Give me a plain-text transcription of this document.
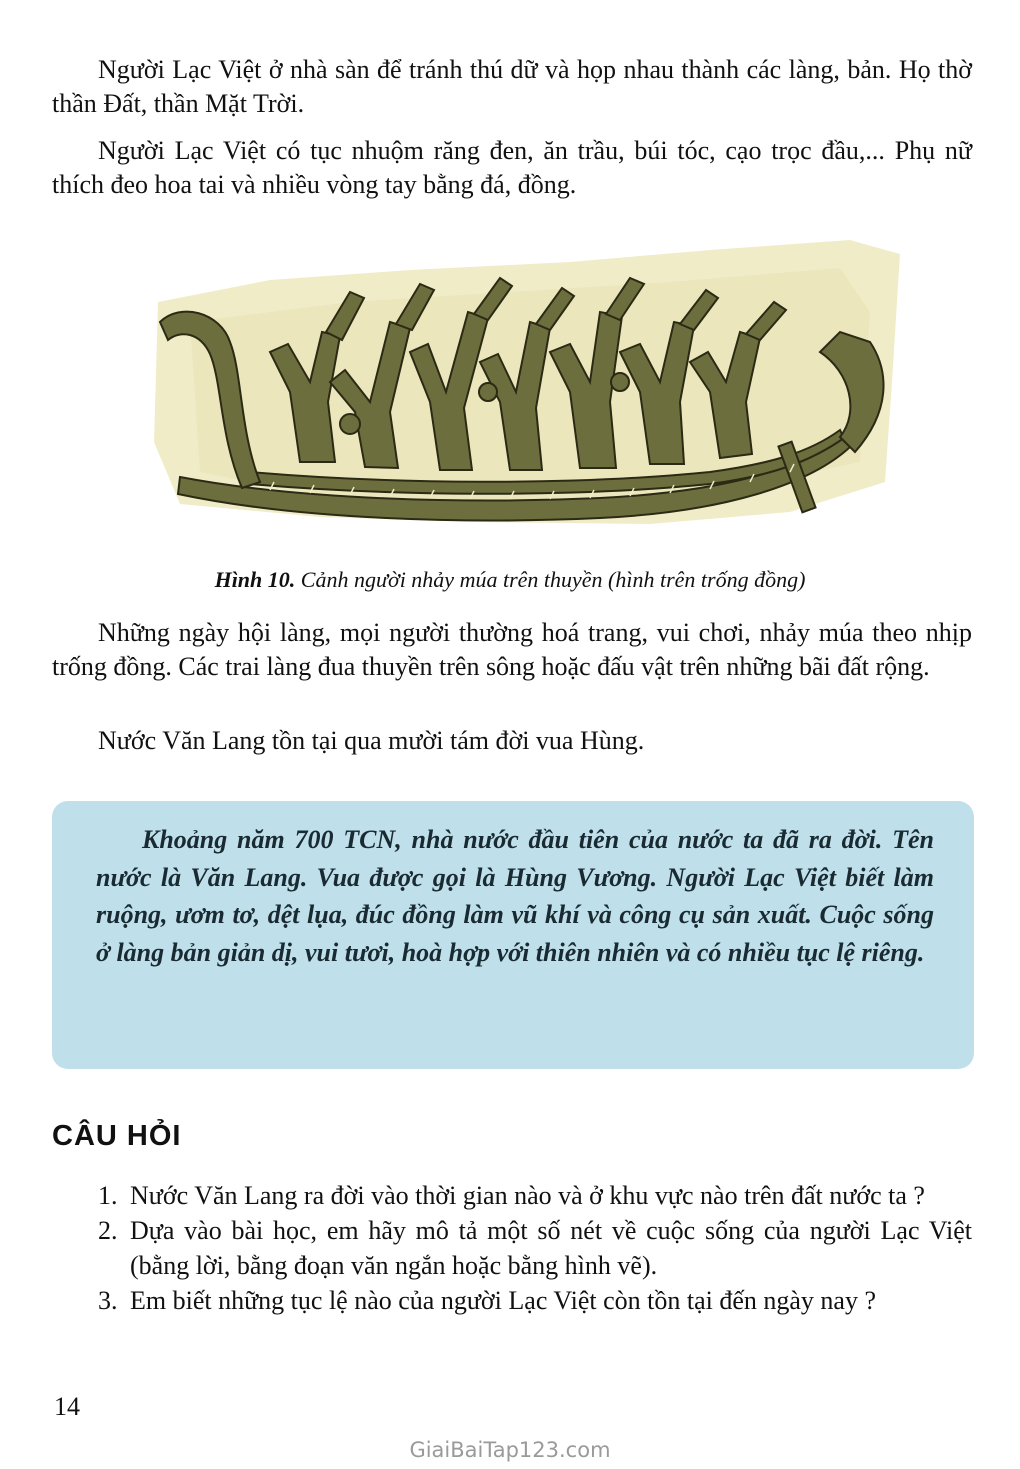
Người Lạc Việt ở nhà sàn để tránh thú dữ và họp nhau thành các làng, bản. Họ thờ thần Đất, thần Mặt Trời.

Người Lạc Việt có tục nhuộm răng đen, ăn trầu, búi tóc, cạo trọc đầu,... Phụ nữ thích đeo hoa tai và nhiều vòng tay bằng đá, đồng.

Hình 10. Cảnh người nhảy múa trên thuyền (hình trên trống đồng)

Những ngày hội làng, mọi người thường hoá trang, vui chơi, nhảy múa theo nhịp trống đồng. Các trai làng đua thuyền trên sông hoặc đấu vật trên những bãi đất rộng.

Nước Văn Lang tồn tại qua mười tám đời vua Hùng.

Khoảng năm 700 TCN, nhà nước đầu tiên của nước ta đã ra đời. Tên nước là Văn Lang. Vua được gọi là Hùng Vương. Người Lạc Việt biết làm ruộng, ươm tơ, dệt lụa, đúc đồng làm vũ khí và công cụ sản xuất. Cuộc sống ở làng bản giản dị, vui tươi, hoà hợp với thiên nhiên và có nhiều tục lệ riêng.

CÂU HỎI
1. Nước Văn Lang ra đời vào thời gian nào và ở khu vực nào trên đất nước ta ?
2. Dựa vào bài học, em hãy mô tả một số nét về cuộc sống của người Lạc Việt (bằng lời, bằng đoạn văn ngắn hoặc bằng hình vẽ).
3. Em biết những tục lệ nào của người Lạc Việt còn tồn tại đến ngày nay ?
14
GiaiBaiTap123.com
